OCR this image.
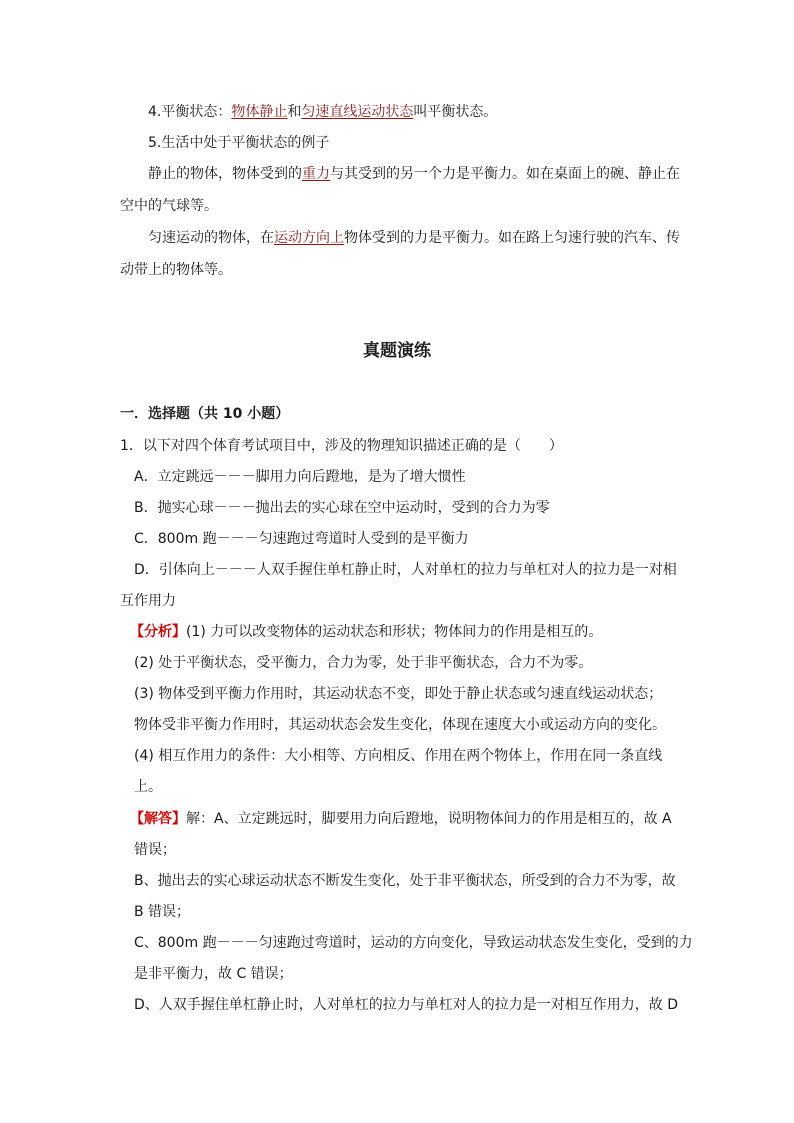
4.平衡状态：物体静止和匀速直线运动状态叫平衡状态。
5.生活中处于平衡状态的例子
静止的物体，物体受到的重力与其受到的另一个力是平衡力。如在桌面上的碗、静止在
空中的气球等。
匀速运动的物体，在运动方向上物体受到的力是平衡力。如在路上匀速行驶的汽车、传
动带上的物体等。
真题演练
一．选择题（共 10 小题）
1．以下对四个体育考试项目中，涉及的物理知识描述正确的是（　　）
A．立定跳远－－－脚用力向后蹬地，是为了增大惯性
B．抛实心球－－－抛出去的实心球在空中运动时，受到的合力为零
C．800m 跑－－－匀速跑过弯道时人受到的是平衡力
D．引体向上－－－人双手握住单杠静止时，人对单杠的拉力与单杠对人的拉力是一对相
互作用力
【分析】(1) 力可以改变物体的运动状态和形状；物体间力的作用是相互的。
(2) 处于平衡状态，受平衡力，合力为零，处于非平衡状态，合力不为零。
(3) 物体受到平衡力作用时，其运动状态不变，即处于静止状态或匀速直线运动状态；
物体受非平衡力作用时，其运动状态会发生变化，体现在速度大小或运动方向的变化。
(4) 相互作用力的条件：大小相等、方向相反、作用在两个物体上，作用在同一条直线
上。
【解答】解：A、立定跳远时，脚要用力向后蹬地，说明物体间力的作用是相互的，故 A
错误；
B、抛出去的实心球运动状态不断发生变化，处于非平衡状态，所受到的合力不为零，故
B 错误；
C、800m 跑－－－匀速跑过弯道时，运动的方向变化，导致运动状态发生变化，受到的力
是非平衡力，故 C 错误；
D、人双手握住单杠静止时，人对单杠的拉力与单杠对人的拉力是一对相互作用力，故 D
